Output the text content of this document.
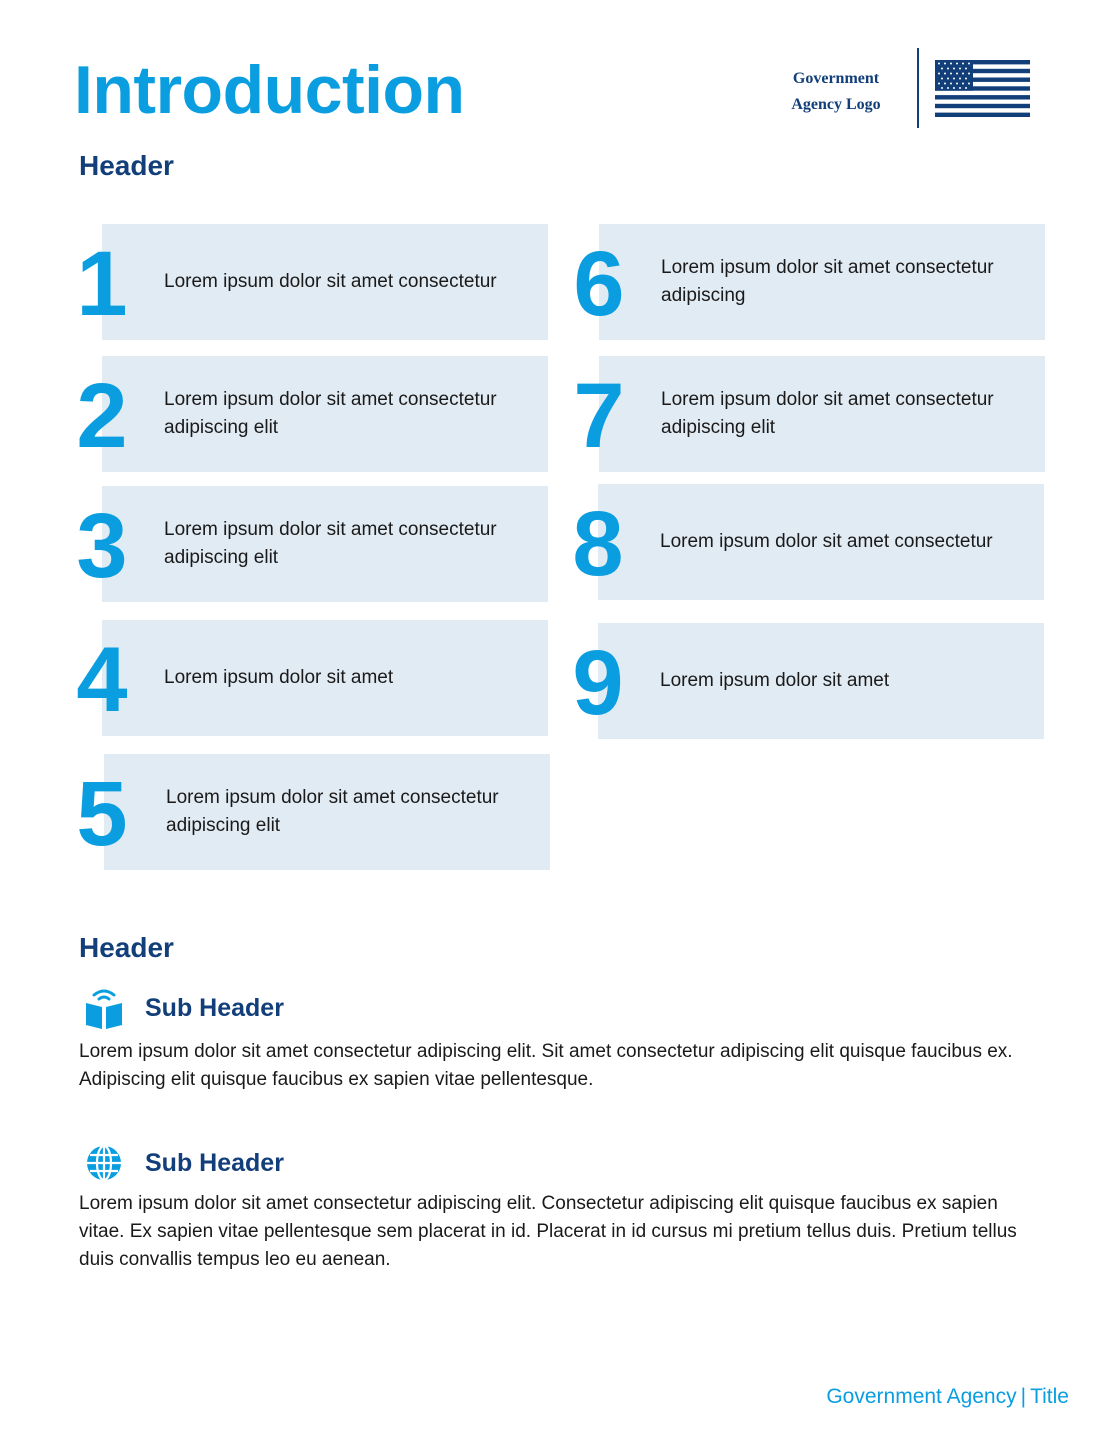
Introduction	Government
Agency Logo
Header
Lorem ipsum dolor sit amet consectetur
1
Lorem ipsum dolor sit amet consectetur adipiscing elit
2
Lorem ipsum dolor sit amet consectetur adipiscing elit
3
Lorem ipsum dolor sit amet
4
Lorem ipsum dolor sit amet consectetur adipiscing elit
5
Lorem ipsum dolor sit amet consectetur adipiscing
6
Lorem ipsum dolor sit amet consectetur adipiscing elit
7
Lorem ipsum dolor sit amet consectetur
8
Lorem ipsum dolor sit amet
9
Header
Sub Header

Lorem ipsum dolor sit amet consectetur adipiscing elit. Sit amet consectetur adipiscing elit quisque faucibus ex. Adipiscing elit quisque faucibus ex sapien vitae pellentesque.

Sub Header

Lorem ipsum dolor sit amet consectetur adipiscing elit. Consectetur adipiscing elit quisque faucibus ex sapien vitae. Ex sapien vitae pellentesque sem placerat in id. Placerat in id cursus mi pretium tellus duis. Pretium tellus duis convallis tempus leo eu aenean.

Government Agency | Title
